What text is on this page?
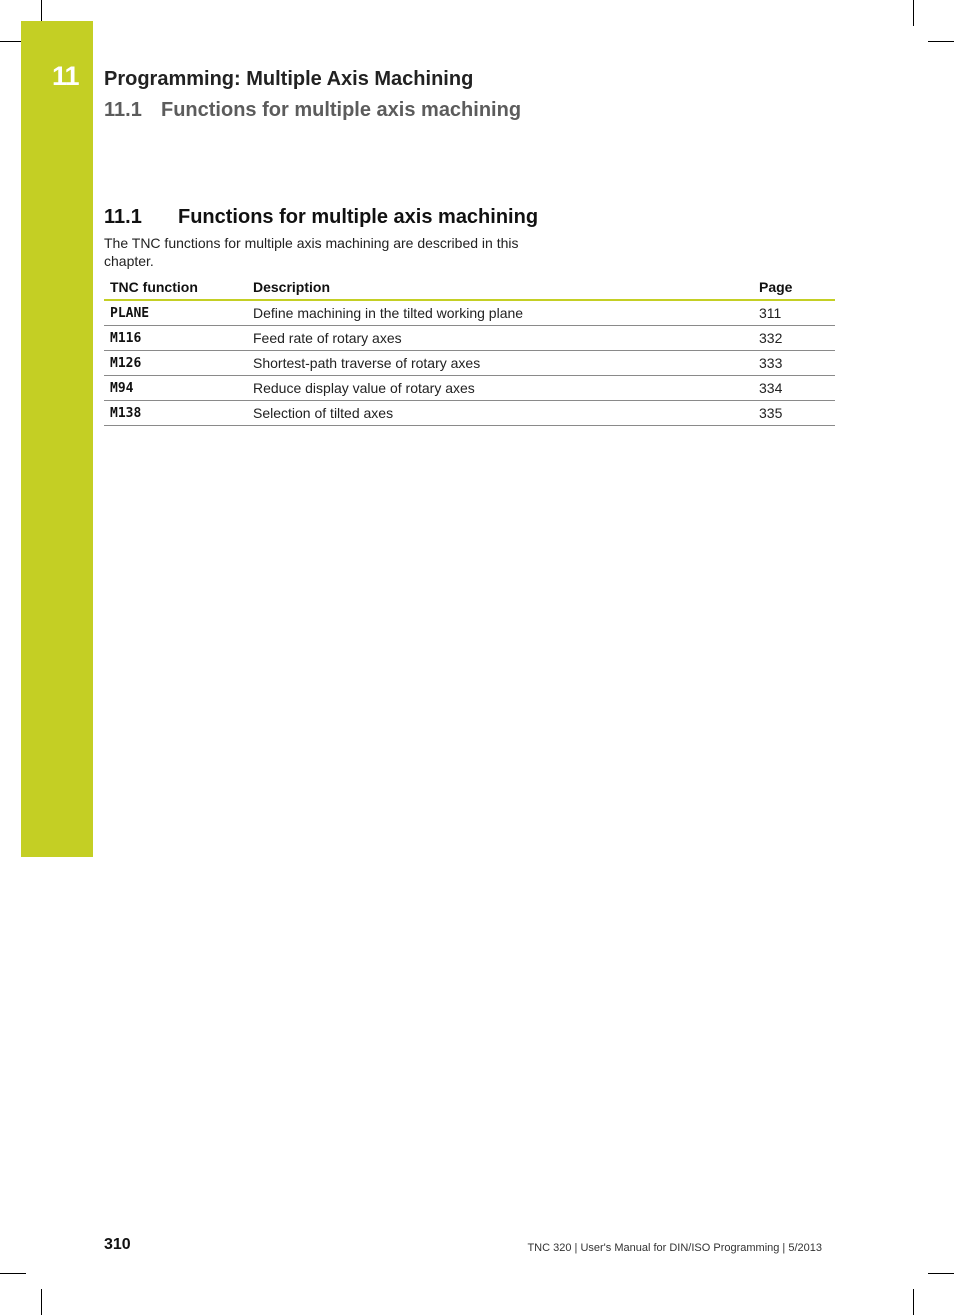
11	Programming: Multiple Axis Machining
11.1 Functions for multiple axis machining
11.1 Functions for multiple axis machining
The TNC functions for multiple axis machining are described in this chapter.
TNC function	Description	Page
PLANE	Define machining in the tilted working plane	311
M116	Feed rate of rotary axes	332
M126	Shortest-path traverse of rotary axes	333
M94	Reduce display value of rotary axes	334
M138	Selection of tilted axes	335
310	TNC 320 | User's Manual for DIN/ISO Programming | 5/2013
